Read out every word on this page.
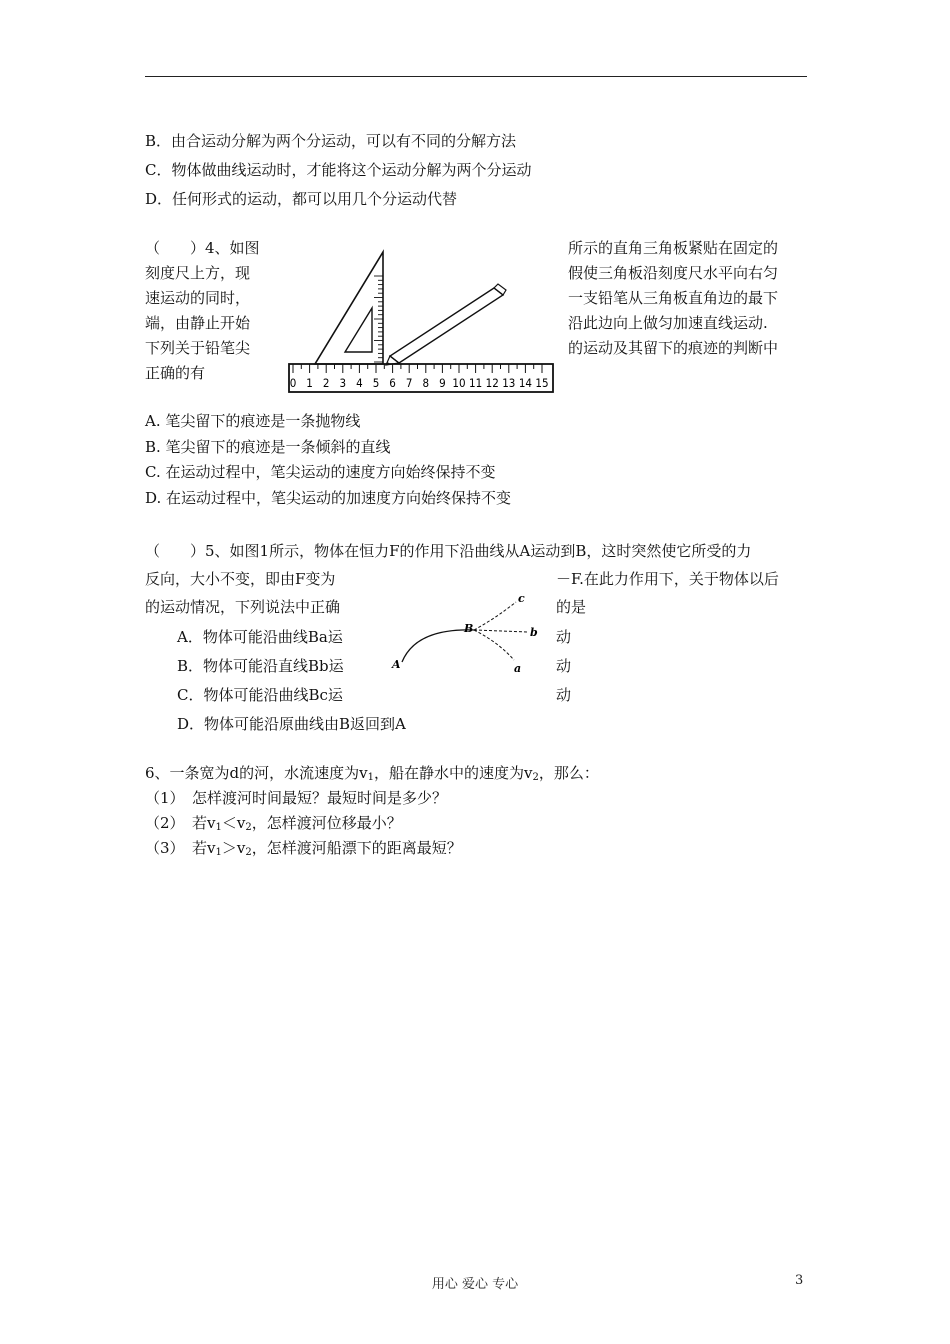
B．由合运动分解为两个分运动，可以有不同的分解方法
C．物体做曲线运动时，才能将这个运动分解为两个分运动
D．任何形式的运动，都可以用几个分运动代替
（　　）4、如图
刻度尺上方，现
速运动的同时，
端，由静止开始
下列关于铅笔尖
正确的有
所示的直角三角板紧贴在固定的
假使三角板沿刻度尺水平向右匀
一支铅笔从三角板直角边的最下
沿此边向上做匀加速直线运动.
的运动及其留下的痕迹的判断中
0 1 2 3 4 5 6 7 8 9 10 11 12 13 14 15
A. 笔尖留下的痕迹是一条抛物线
B. 笔尖留下的痕迹是一条倾斜的直线
C. 在运动过程中，笔尖运动的速度方向始终保持不变
D. 在运动过程中，笔尖运动的加速度方向始终保持不变
（　　）5、如图1所示，物体在恒力F的作用下沿曲线从A运动到B，这时突然使它所受的力
反向，大小不变，即由F变为	－F.在此力作用下，关于物体以后
的运动情况，下列说法中正确	的是
A．物体可能沿曲线Ba运	动
B．物体可能沿直线Bb运	动
C．物体可能沿曲线Bc运	动
D．物体可能沿原曲线由B返回到A
A
B
c
b
a
6、一条宽为d的河，水流速度为$v_1$，船在静水中的速度为$v_2$，那么：
（1）　怎样渡河时间最短？最短时间是多少？
（2）　若$v_1<v_2$，怎样渡河位移最小？
（3）　若$v_1>v_2$，怎样渡河船漂下的距离最短？
用心 爱心 专心	3
